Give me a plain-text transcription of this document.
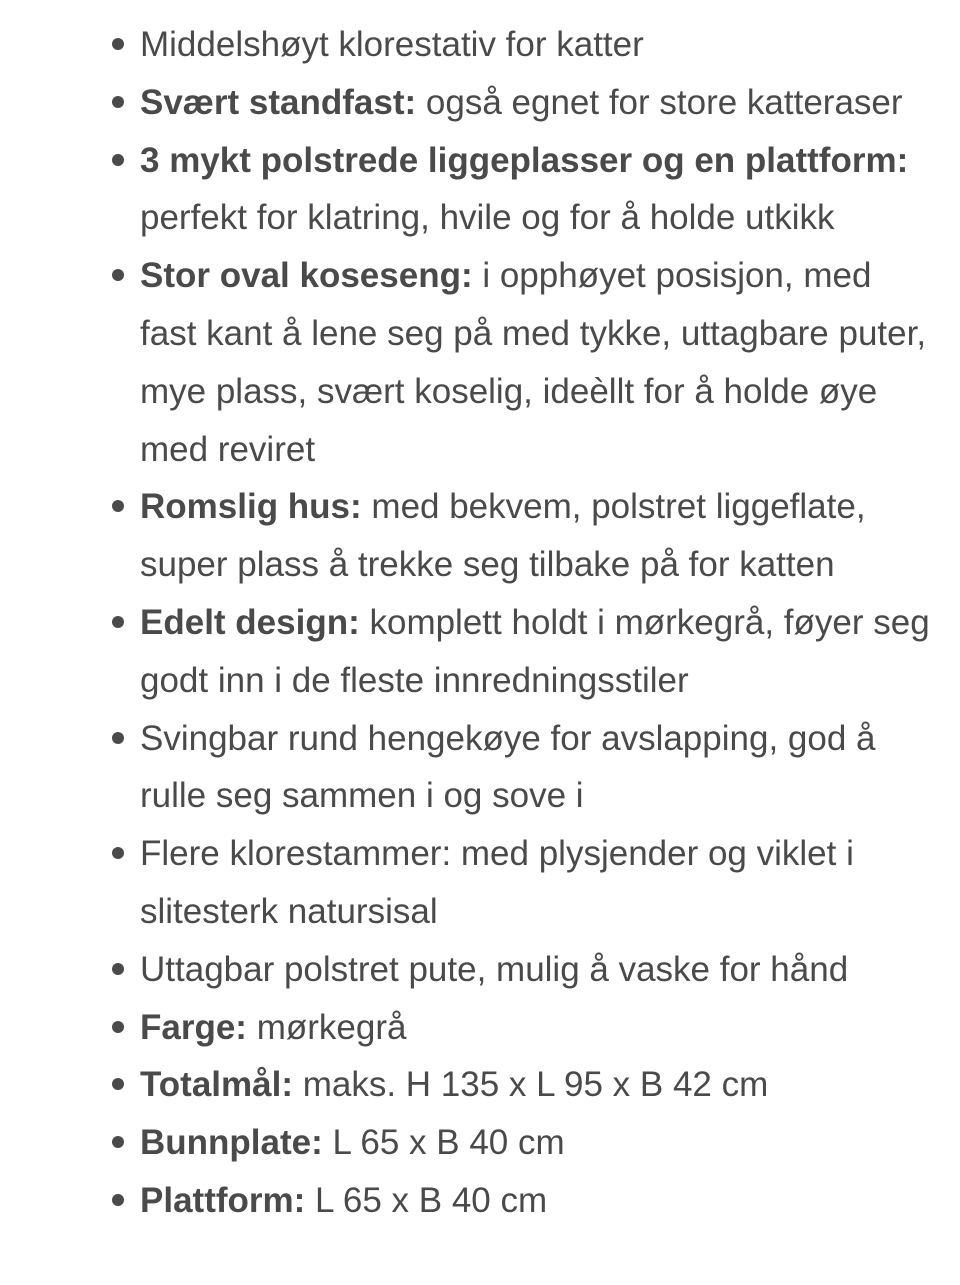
Middelshøyt klorestativ for katter
Svært standfast: også egnet for store katteraser
3 mykt polstrede liggeplasser og en plattform: perfekt for klatring, hvile og for å holde utkikk
Stor oval koseseng: i opphøyet posisjon, med fast kant å lene seg på med tykke, uttagbare puter, mye plass, svært koselig, ideèllt for å holde øye med reviret
Romslig hus: med bekvem, polstret liggeflate, super plass å trekke seg tilbake på for katten
Edelt design: komplett holdt i mørkegrå, føyer seg godt inn i de fleste innredningsstiler
Svingbar rund hengekøye for avslapping, god å rulle seg sammen i og sove i
Flere klorestammer: med plysjender og viklet i slitesterk natursisal
Uttagbar polstret pute, mulig å vaske for hånd
Farge: mørkegrå
Totalmål: maks. H 135 x L 95 x B 42 cm
Bunnplate: L 65 x B 40 cm
Plattform: L 65 x B 40 cm
